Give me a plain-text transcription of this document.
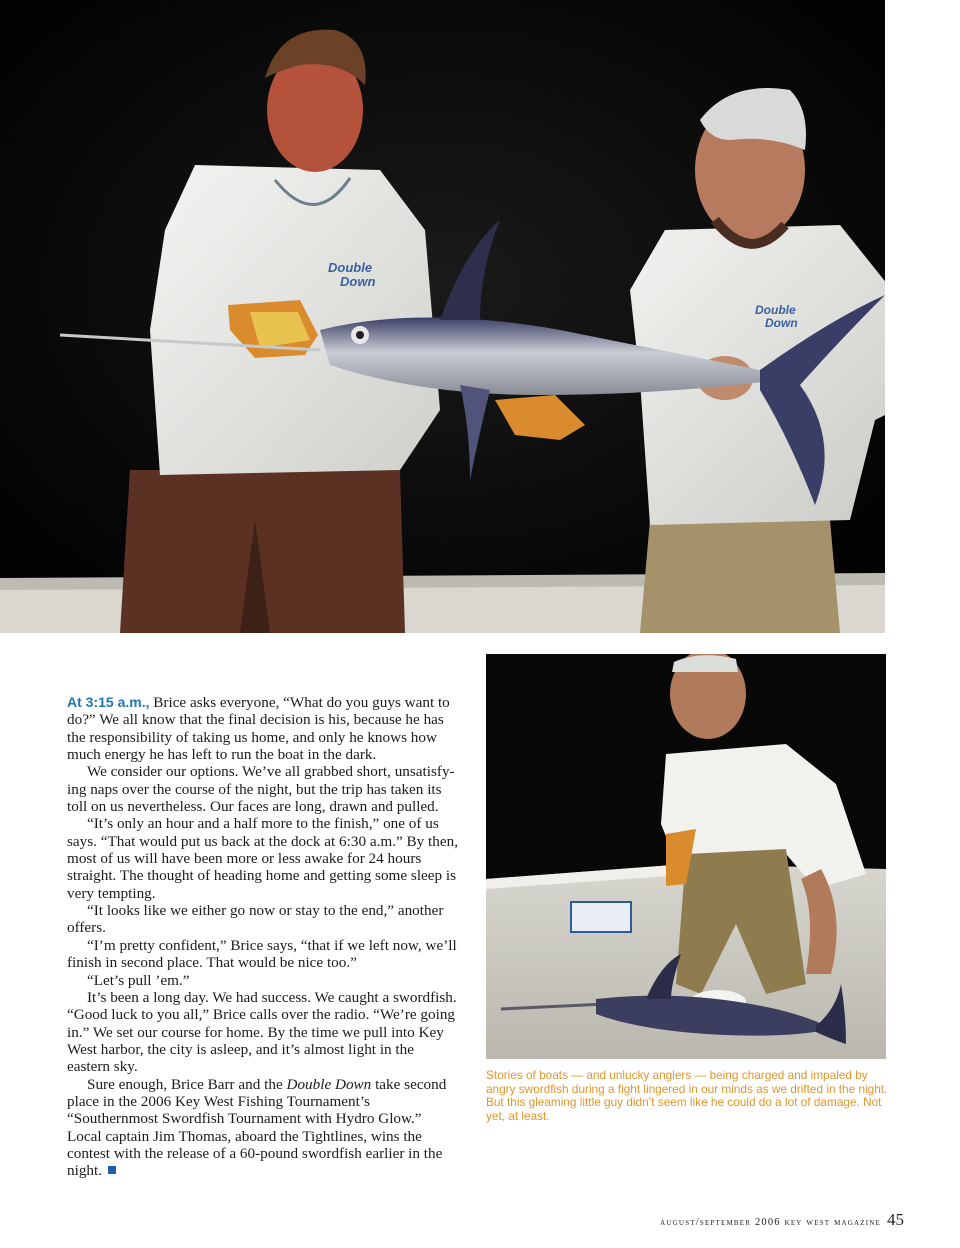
Double
Down
Double
Down

At 3:15 a.m., Brice asks everyone, “What do you guys want to do?” We all know that the final decision is his, because he has the responsibility of taking us home, and only he knows how much energy he has left to run the boat in the dark.

We consider our options. We’ve all grabbed short, unsatisfy-ing naps over the course of the night, but the trip has taken its toll on us nevertheless. Our faces are long, drawn and pulled.

“It’s only an hour and a half more to the finish,” one of us says. “That would put us back at the dock at 6:30 a.m.” By then, most of us will have been more or less awake for 24 hours straight. The thought of heading home and getting some sleep is very tempting.

“It looks like we either go now or stay to the end,” another offers.

“I’m pretty confident,” Brice says, “that if we left now, we’ll finish in second place. That would be nice too.”

“Let’s pull ’em.”

It’s been a long day. We had success. We caught a swordfish. “Good luck to you all,” Brice calls over the radio. “We’re going in.” We set our course for home. By the time we pull into Key West harbor, the city is asleep, and it’s almost light in the eastern sky.

Sure enough, Brice Barr and the Double Down take second place in the 2006 Key West Fishing Tournament’s “Southernmost Swordfish Tournament with Hydro Glow.” Local captain Jim Thomas, aboard the Tightlines, wins the contest with the release of a 60-pound swordfish earlier in the night.

Stories of boats — and unlucky anglers — being charged and impaled by angry swordfish during a fight lingered in our minds as we drifted in the night. But this gleaming little guy didn’t seem like he could do a lot of damage. Not yet, at least.
august/september 2006 key west magazine 45
